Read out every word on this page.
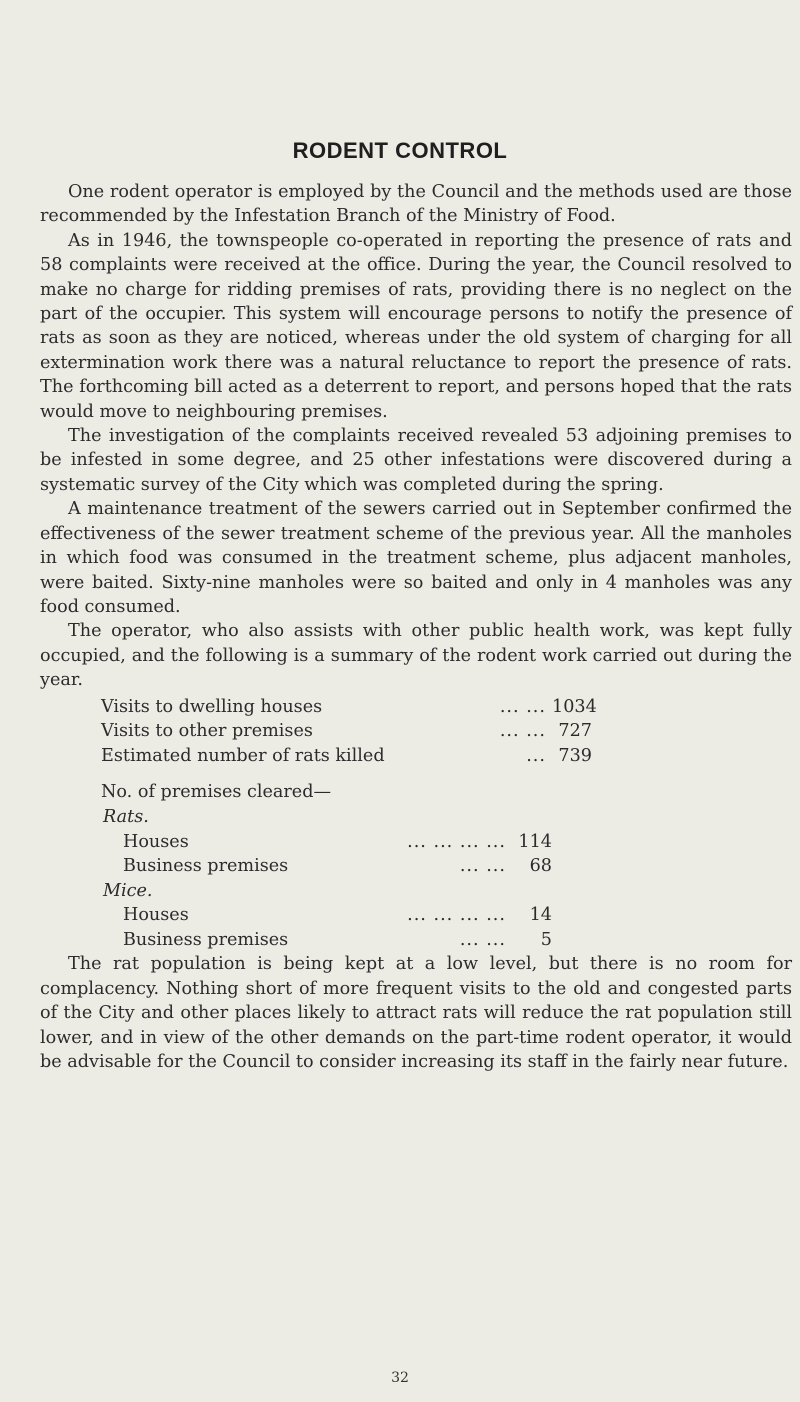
RODENT CONTROL

One rodent operator is employed by the Council and the methods used are those recommended by the Infestation Branch of the Ministry of Food.

As in 1946, the townspeople co-operated in reporting the presence of rats and 58 complaints were received at the office. During the year, the Council resolved to make no charge for ridding premises of rats, providing there is no neglect on the part of the occupier. This system will encourage persons to notify the presence of rats as soon as they are noticed, whereas under the old system of charging for all extermination work there was a natural reluctance to report the presence of rats. The forthcoming bill acted as a deterrent to report, and persons hoped that the rats would move to neighbouring premises.

The investigation of the complaints received revealed 53 adjoining premises to be infested in some degree, and 25 other infestations were discovered during a systematic survey of the City which was completed during the spring.

A maintenance treatment of the sewers carried out in September confirmed the effectiveness of the sewer treatment scheme of the previous year. All the manholes in which food was consumed in the treatment scheme, plus adjacent manholes, were baited. Sixty-nine manholes were so baited and only in 4 manholes was any food consumed.

The operator, who also assists with other public health work, was kept fully occupied, and the following is a summary of the rodent work carried out during the year.

Visits to dwelling houses	... ... 1034
Visits to other premises	... ... 727
Estimated number of rats killed	... 739
No. of premises cleared—
Rats.
Houses	... ... ... ... 114
Business premises	... ...	68
Mice.
Houses	... ... ... ...	14
Business premises	... ...	5

The rat population is being kept at a low level, but there is no room for complacency. Nothing short of more frequent visits to the old and congested parts of the City and other places likely to attract rats will reduce the rat population still lower, and in view of the other demands on the part-time rodent operator, it would be advisable for the Council to consider increasing its staff in the fairly near future.

32
